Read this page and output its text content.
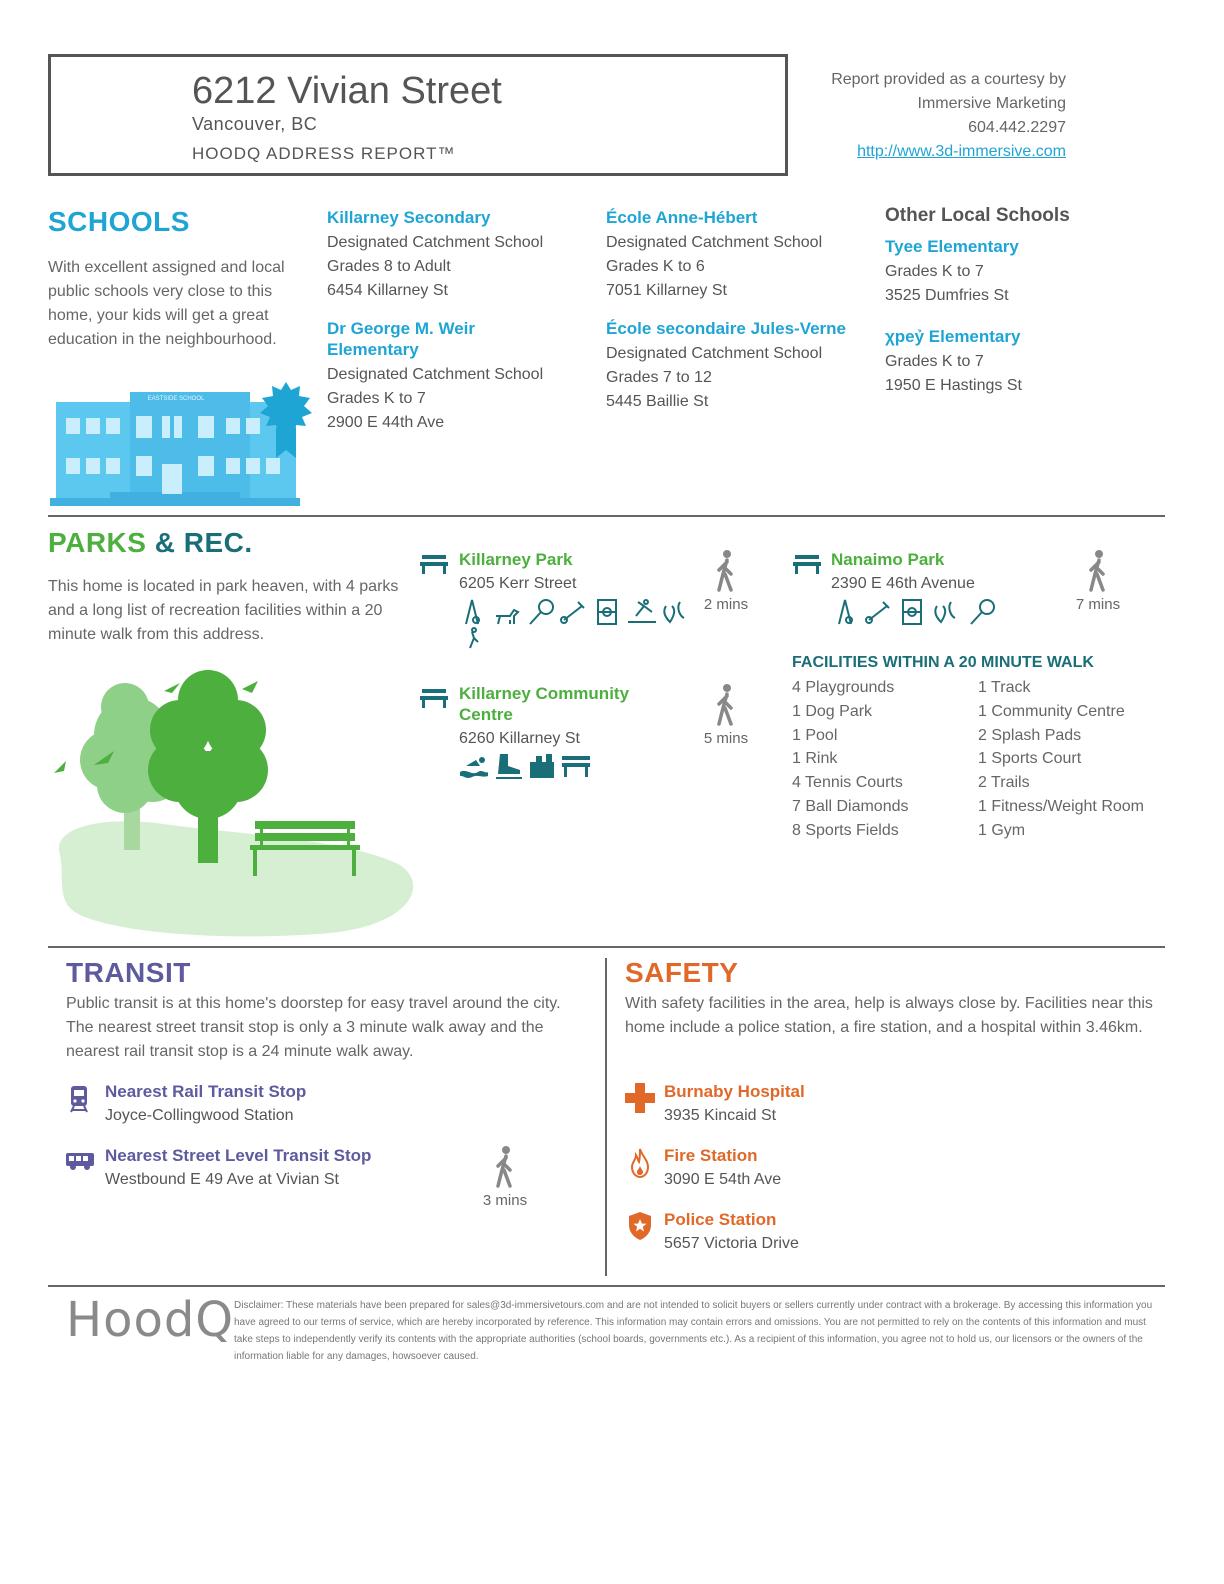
6212 Vivian Street
Vancouver, BC
HOODQ ADDRESS REPORT™
Report provided as a courtesy by
Immersive Marketing
604.442.2297
http://www.3d-immersive.com
SCHOOLS
With excellent assigned and local public schools very close to this home, your kids will get a great education in the neighbourhood.
EASTSIDE SCHOOL
Killarney Secondary
Designated Catchment School
Grades 8 to Adult
6454 Killarney St
Dr George M. Weir Elementary
Designated Catchment School
Grades K to 7
2900 E 44th Ave
École Anne-Hébert
Designated Catchment School
Grades K to 6
7051 Killarney St
École secondaire Jules-Verne
Designated Catchment School
Grades 7 to 12
5445 Baillie St
Other Local Schools
Tyee Elementary
Grades K to 7
3525 Dumfries St
χpeỷ Elementary
Grades K to 7
1950 E Hastings St
PARKS & REC.
This home is located in park heaven, with 4 parks and a long list of recreation facilities within a 20 minute walk from this address.
Killarney Park
6205 Kerr Street
2 mins
Nanaimo Park
2390 E 46th Avenue
7 mins
Killarney Community Centre
6260 Killarney St	5 mins
FACILITIES WITHIN A 20 MINUTE WALK
4 Playgrounds
1 Dog Park
1 Pool
1 Rink
4 Tennis Courts
7 Ball Diamonds
8 Sports Fields
1 Track
1 Community Centre
2 Splash Pads
1 Sports Court
2 Trails
1 Fitness/Weight Room
1 Gym
TRANSIT
Public transit is at this home's doorstep for easy travel around the city. The nearest street transit stop is only a 3 minute walk away and the nearest rail transit stop is a 24 minute walk away.
Nearest Rail Transit Stop
Joyce-Collingwood Station
Nearest Street Level Transit Stop
Westbound E 49 Ave at Vivian St
3 mins
SAFETY
With safety facilities in the area, help is always close by. Facilities near this home include a police station, a fire station, and a hospital within 3.46km.
Burnaby Hospital
3935 Kincaid St
Fire Station
3090 E 54th Ave
Police Station
5657 Victoria Drive
HoodQ Disclaimer: These materials have been prepared for sales@3d-immersivetours.com and are not intended to solicit buyers or sellers currently under contract with a brokerage. By accessing this information you have agreed to our terms of service, which are hereby incorporated by reference. This information may contain errors and omissions. You are not permitted to rely on the contents of this information and must take steps to independently verify its contents with the appropriate authorities (school boards, governments etc.). As a recipient of this information, you agree not to hold us, our licensors or the owners of the information liable for any damages, howsoever caused.
